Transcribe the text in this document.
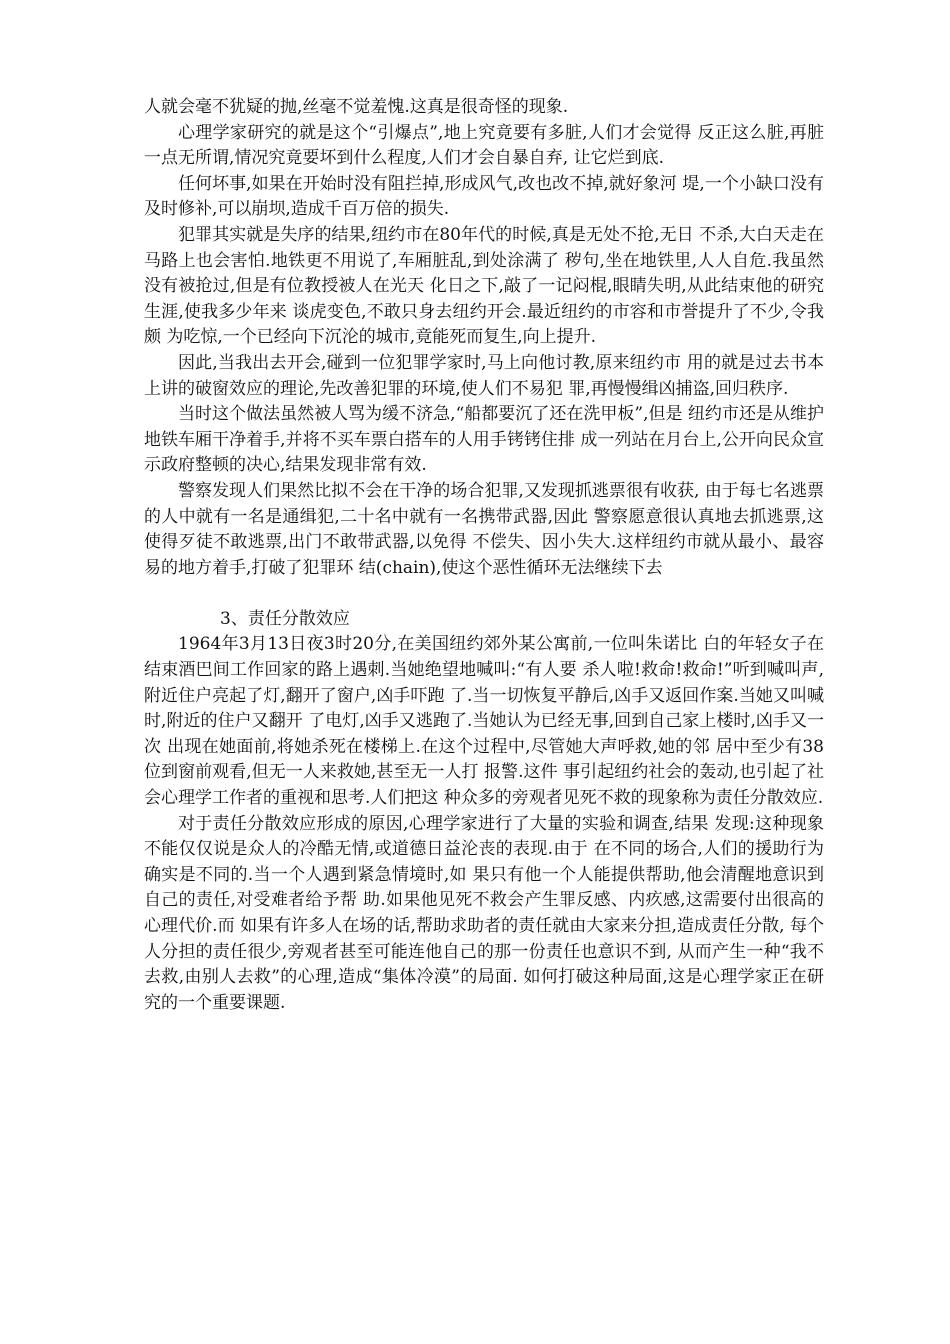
人就会毫不犹疑的抛,丝毫不觉羞愧.这真是很奇怪的现象.

心理学家研究的就是这个“引爆点”,地上究竟要有多脏,人们才会觉得 反正这么脏,再脏一点无所谓,情况究竟要坏到什么程度,人们才会自暴自弃, 让它烂到底.

任何坏事,如果在开始时没有阻拦掉,形成风气,改也改不掉,就好象河 堤,一个小缺口没有及时修补,可以崩坝,造成千百万倍的损失.

犯罪其实就是失序的结果,纽约市在80年代的时候,真是无处不抢,无日 不杀,大白天走在马路上也会害怕.地铁更不用说了,车厢脏乱,到处涂满了 秽句,坐在地铁里,人人自危.我虽然没有被抢过,但是有位教授被人在光天 化日之下,敲了一记闷棍,眼睛失明,从此结束他的研究生涯,使我多少年来 谈虎变色,不敢只身去纽约开会.最近纽约的市容和市誉提升了不少,令我颇 为吃惊,一个已经向下沉沦的城市,竟能死而复生,向上提升.

因此,当我出去开会,碰到一位犯罪学家时,马上向他讨教,原来纽约市 用的就是过去书本上讲的破窗效应的理论,先改善犯罪的环境,使人们不易犯 罪,再慢慢缉凶捕盗,回归秩序.

当时这个做法虽然被人骂为缓不济急,“船都要沉了还在洗甲板”,但是 纽约市还是从维护地铁车厢干净着手,并将不买车票白搭车的人用手铐铐住排 成一列站在月台上,公开向民众宣示政府整顿的决心,结果发现非常有效.

警察发现人们果然比拟不会在干净的场合犯罪,又发现抓逃票很有收获, 由于每七名逃票的人中就有一名是通缉犯,二十名中就有一名携带武器,因此 警察愿意很认真地去抓逃票,这使得歹徒不敢逃票,出门不敢带武器,以免得 不偿失、因小失大.这样纽约市就从最小、最容易的地方着手,打破了犯罪环 结(chain),使这个恶性循环无法继续下去

3、责任分散效应

1964年3月13日夜3时20分,在美国纽约郊外某公寓前,一位叫朱诺比 白的年轻女子在结束酒巴间工作回家的路上遇刺.当她绝望地喊叫:“有人要 杀人啦!救命!救命!”听到喊叫声,附近住户亮起了灯,翻开了窗户,凶手吓跑 了.当一切恢复平静后,凶手又返回作案.当她又叫喊时,附近的住户又翻开 了电灯,凶手又逃跑了.当她认为已经无事,回到自己家上楼时,凶手又一次 出现在她面前,将她杀死在楼梯上.在这个过程中,尽管她大声呼救,她的邻 居中至少有38位到窗前观看,但无一人来救她,甚至无一人打 报警.这件 事引起纽约社会的轰动,也引起了社会心理学工作者的重视和思考.人们把这 种众多的旁观者见死不救的现象称为责任分散效应.

对于责任分散效应形成的原因,心理学家进行了大量的实验和调查,结果 发现:这种现象不能仅仅说是众人的冷酷无情,或道德日益沦丧的表现.由于 在不同的场合,人们的援助行为确实是不同的.当一个人遇到紧急情境时,如 果只有他一个人能提供帮助,他会清醒地意识到自己的责任,对受难者给予帮 助.如果他见死不救会产生罪反感、内疚感,这需要付出很高的心理代价.而 如果有许多人在场的话,帮助求助者的责任就由大家来分担,造成责任分散, 每个人分担的责任很少,旁观者甚至可能连他自己的那一份责任也意识不到, 从而产生一种“我不去救,由别人去救”的心理,造成“集体冷漠”的局面. 如何打破这种局面,这是心理学家正在研究的一个重要课题.
